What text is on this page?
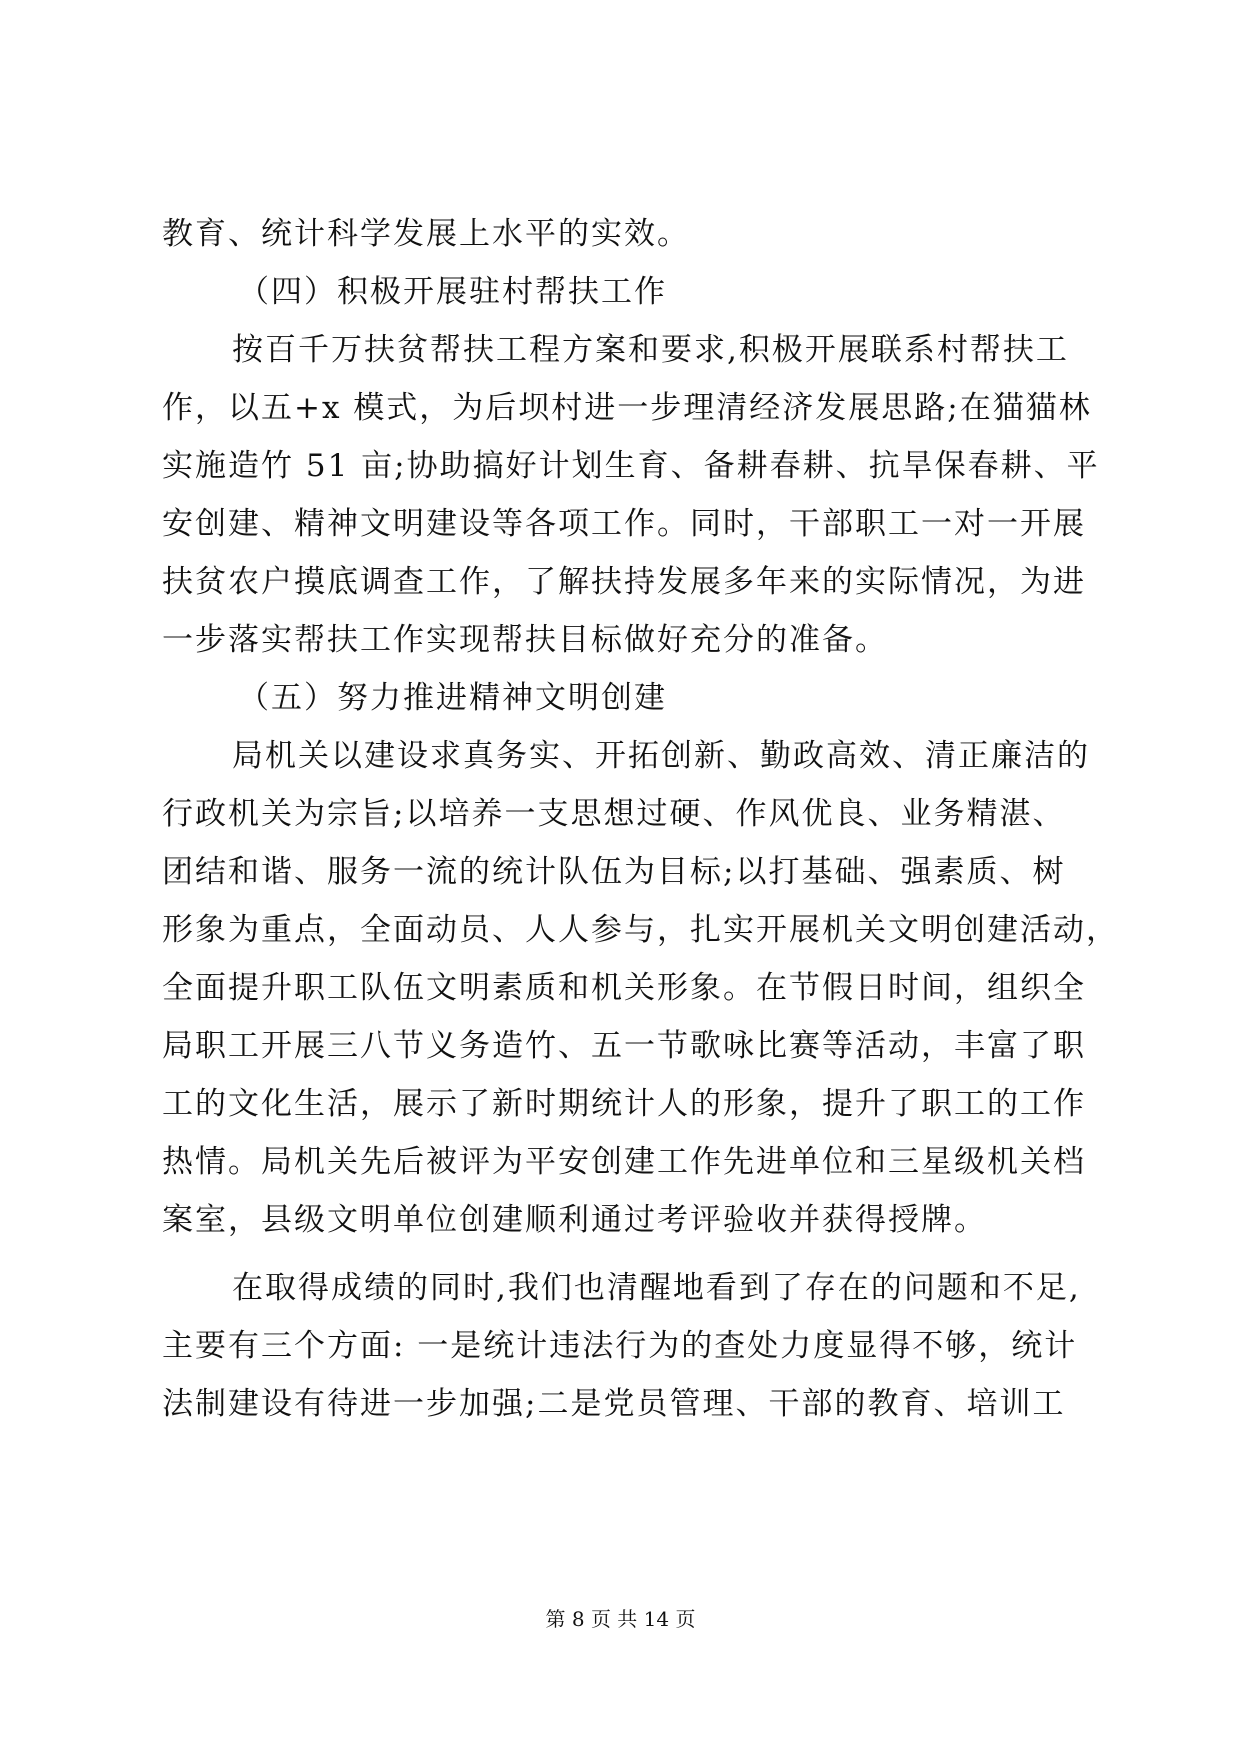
教育、统计科学发展上水平的实效。
（四）积极开展驻村帮扶工作
按百千万扶贫帮扶工程方案和要求,积极开展联系村帮扶工
作，以五+x 模式，为后坝村进一步理清经济发展思路;在猫猫林
实施造竹 51 亩;协助搞好计划生育、备耕春耕、抗旱保春耕、平
安创建、精神文明建设等各项工作。同时，干部职工一对一开展
扶贫农户摸底调查工作，了解扶持发展多年来的实际情况，为进
一步落实帮扶工作实现帮扶目标做好充分的准备。
（五）努力推进精神文明创建
局机关以建设求真务实、开拓创新、勤政高效、清正廉洁的
行政机关为宗旨;以培养一支思想过硬、作风优良、业务精湛、
团结和谐、服务一流的统计队伍为目标;以打基础、强素质、树
形象为重点，全面动员、人人参与，扎实开展机关文明创建活动，
全面提升职工队伍文明素质和机关形象。在节假日时间，组织全
局职工开展三八节义务造竹、五一节歌咏比赛等活动，丰富了职
工的文化生活，展示了新时期统计人的形象，提升了职工的工作
热情。局机关先后被评为平安创建工作先进单位和三星级机关档
案室，县级文明单位创建顺利通过考评验收并获得授牌。
在取得成绩的同时,我们也清醒地看到了存在的问题和不足,
主要有三个方面: 一是统计违法行为的查处力度显得不够，统计
法制建设有待进一步加强;二是党员管理、干部的教育、培训工
第 8 页 共 14 页
